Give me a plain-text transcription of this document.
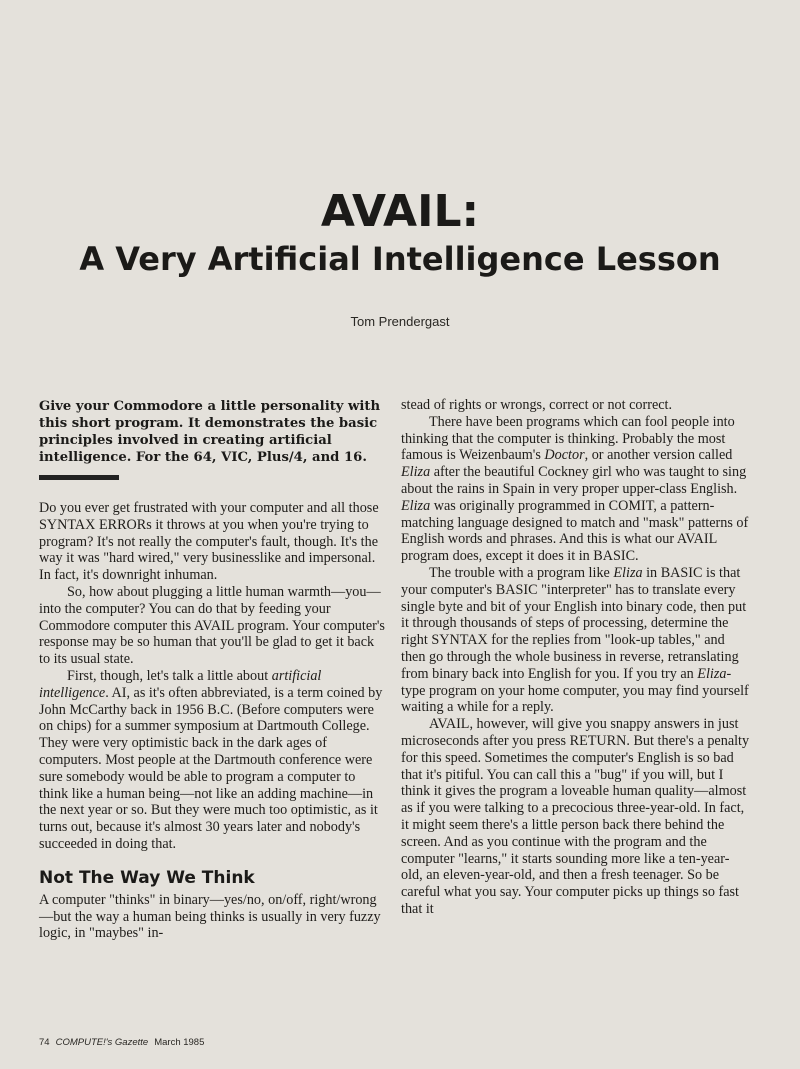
AVAIL:
A Very Artificial Intelligence Lesson
Tom Prendergast

Give your Commodore a little personality with this short program. It demonstrates the basic principles involved in creating artificial intelligence. For the 64, VIC, Plus/4, and 16.

Do you ever get frustrated with your computer and all those SYNTAX ERRORs it throws at you when you're trying to program? It's not really the computer's fault, though. It's the way it was "hard wired," very businesslike and impersonal. In fact, it's downright inhuman.

So, how about plugging a little human warmth—you—into the computer? You can do that by feeding your Commodore computer this AVAIL program. Your computer's response may be so human that you'll be glad to get it back to its usual state.

First, though, let's talk a little about artificial intelligence. AI, as it's often abbreviated, is a term coined by John McCarthy back in 1956 B.C. (Before computers were on chips) for a summer symposium at Dartmouth College. They were very optimistic back in the dark ages of computers. Most people at the Dartmouth conference were sure somebody would be able to program a computer to think like a human being—not like an adding machine—in the next year or so. But they were much too optimistic, as it turns out, because it's almost 30 years later and nobody's succeeded in doing that.

Not The Way We Think

A computer "thinks" in binary—yes/no, on/off, right/wrong—but the way a human being thinks is usually in very fuzzy logic, in "maybes" in-

stead of rights or wrongs, correct or not correct.

There have been programs which can fool people into thinking that the computer is thinking. Probably the most famous is Weizenbaum's Doctor, or another version called Eliza after the beautiful Cockney girl who was taught to sing about the rains in Spain in very proper upper-class English. Eliza was originally programmed in COMIT, a pattern-matching language designed to match and "mask" patterns of English words and phrases. And this is what our AVAIL program does, except it does it in BASIC.

The trouble with a program like Eliza in BASIC is that your computer's BASIC "interpreter" has to translate every single byte and bit of your English into binary code, then put it through thousands of steps of processing, determine the right SYNTAX for the replies from "look-up tables," and then go through the whole business in reverse, retranslating from binary back into English for you. If you try an Eliza-type program on your home computer, you may find yourself waiting a while for a reply.

AVAIL, however, will give you snappy answers in just microseconds after you press RETURN. But there's a penalty for this speed. Sometimes the computer's English is so bad that it's pitiful. You can call this a "bug" if you will, but I think it gives the program a loveable human quality—almost as if you were talking to a precocious three-year-old. In fact, it might seem there's a little person back there behind the screen. And as you continue with the program and the computer "learns," it starts sounding more like a ten-year-old, an eleven-year-old, and then a fresh teenager. So be careful what you say. Your computer picks up things so fast that it

74 COMPUTE!'s Gazette March 1985
